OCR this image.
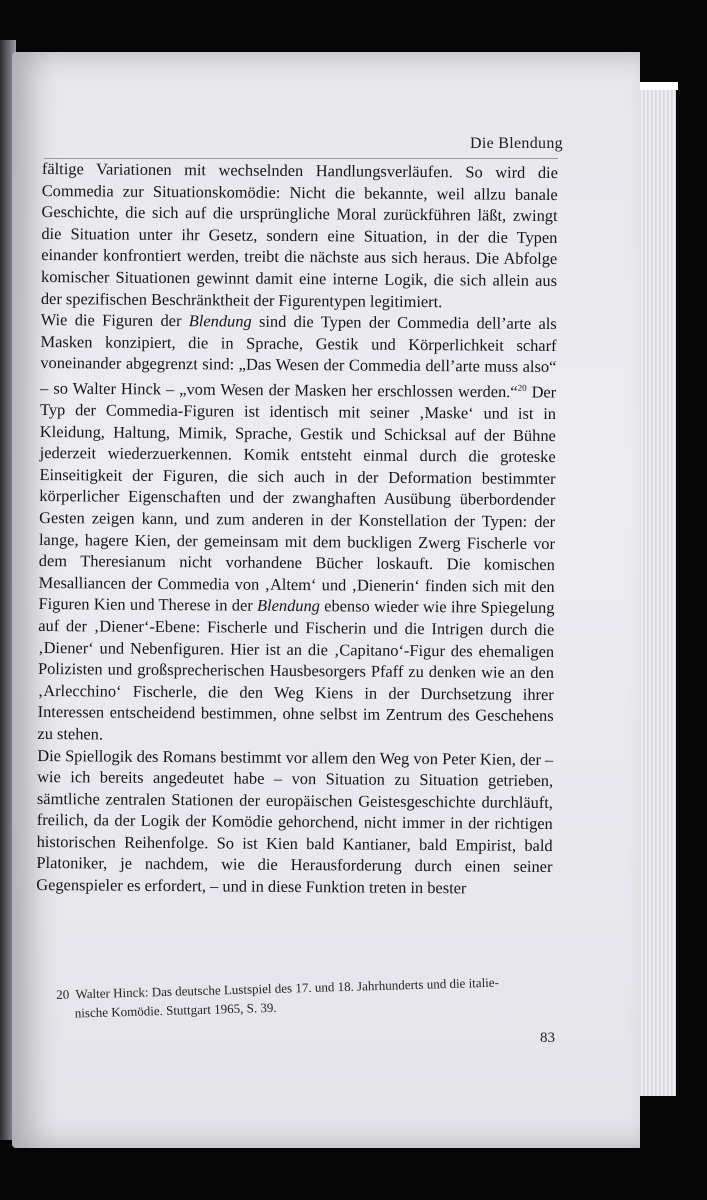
Die Blendung

fältige Variationen mit wechselnden Handlungsverläufen. So wird die Commedia zur Situationskomödie: Nicht die bekannte, weil allzu banale Geschichte, die sich auf die ursprüngliche Moral zurückführen läßt, zwingt die Situation unter ihr Gesetz, sondern eine Situation, in der die Typen einander konfrontiert werden, treibt die nächste aus sich heraus. Die Abfolge komischer Situationen gewinnt damit eine interne Logik, die sich allein aus der spezifischen Beschränktheit der Figurentypen legitimiert.

Wie die Figuren der Blendung sind die Typen der Commedia dell’arte als Masken konzipiert, die in Sprache, Gestik und Körperlichkeit scharf voneinander abgegrenzt sind: „Das Wesen der Commedia dell’arte muss also“ – so Walter Hinck – „vom Wesen der Masken her erschlossen werden.“$^{20}$ Der Typ der Commedia-Figuren ist identisch mit seiner ‚Maske‘ und ist in Kleidung, Haltung, Mimik, Sprache, Gestik und Schicksal auf der Bühne jederzeit wiederzuerkennen. Komik entsteht einmal durch die groteske Einseitigkeit der Figuren, die sich auch in der Deformation bestimmter körperlicher Eigenschaften und der zwanghaften Ausübung überbordender Gesten zeigen kann, und zum anderen in der Konstellation der Typen: der lange, hagere Kien, der gemeinsam mit dem buckligen Zwerg Fischerle vor dem Theresianum nicht vorhandene Bücher loskauft. Die komischen Mesalliancen der Commedia von ‚Altem‘ und ‚Dienerin‘ finden sich mit den Figuren Kien und Therese in der Blendung ebenso wieder wie ihre Spiegelung auf der ‚Diener‘-Ebene: Fischerle und Fischerin und die Intrigen durch die ‚Diener‘ und Nebenfiguren. Hier ist an die ‚Capitano‘-Figur des ehemaligen Polizisten und großsprecherischen Hausbesorgers Pfaff zu denken wie an den ‚Arlecchino‘ Fischerle, die den Weg Kiens in der Durchsetzung ihrer Interessen entscheidend bestimmen, ohne selbst im Zentrum des Geschehens zu stehen.

Die Spiellogik des Romans bestimmt vor allem den Weg von Peter Kien, der – wie ich bereits angedeutet habe – von Situation zu Situation getrieben, sämtliche zentralen Stationen der europäischen Geistesgeschichte durchläuft, freilich, da der Logik der Komödie gehorchend, nicht immer in der richtigen historischen Reihenfolge. So ist Kien bald Kantianer, bald Empirist, bald Platoniker, je nachdem, wie die Herausforderung durch einen seiner Gegenspieler es erfordert, – und in diese Funktion treten in bester

20 Walter Hinck: Das deutsche Lustspiel des 17. und 18. Jahrhunderts und die italie-
nische Komödie. Stuttgart 1965, S. 39.
83
